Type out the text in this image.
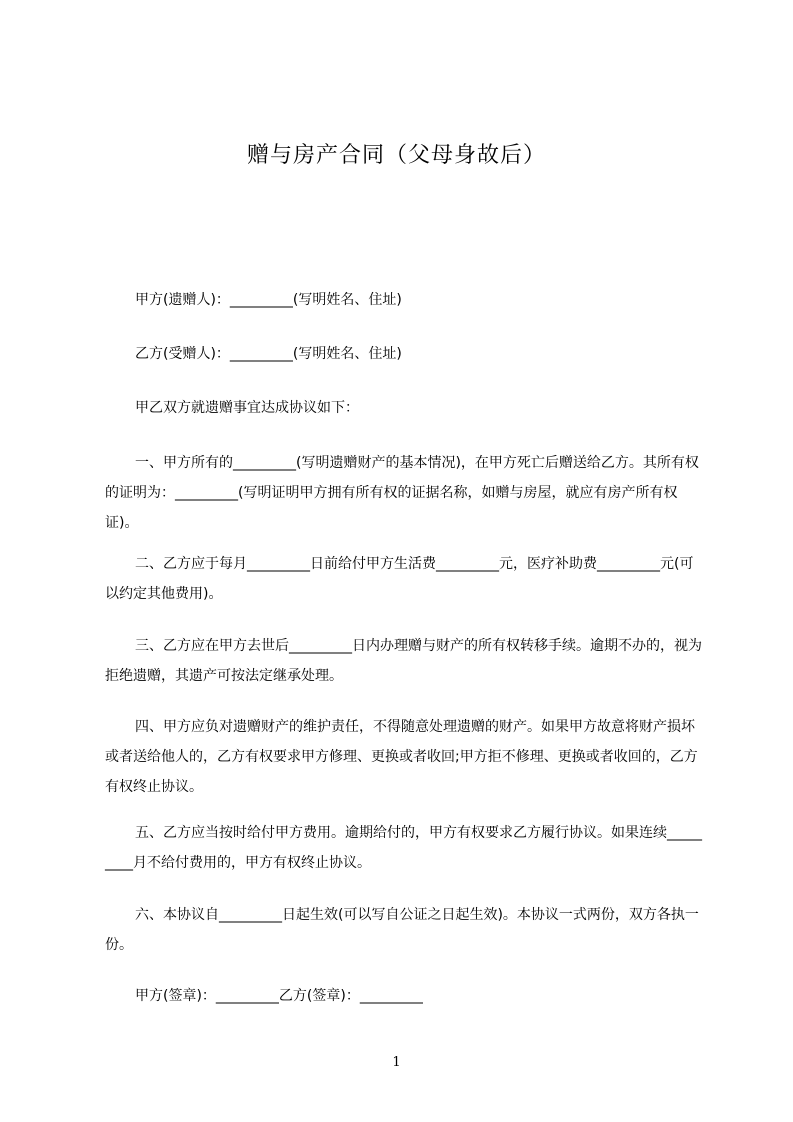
赠与房产合同（父母身故后）

甲方(遗赠人)：_________(写明姓名、住址)

乙方(受赠人)：_________(写明姓名、住址)

甲乙双方就遗赠事宜达成协议如下：

一、甲方所有的_________(写明遗赠财产的基本情况)，在甲方死亡后赠送给乙方。其所有权的证明为：_________(写明证明甲方拥有所有权的证据名称，如赠与房屋，就应有房产所有权证)。

二、乙方应于每月_________日前给付甲方生活费_________元，医疗补助费_________元(可以约定其他费用)。

三、乙方应在甲方去世后_________日内办理赠与财产的所有权转移手续。逾期不办的，视为拒绝遗赠，其遗产可按法定继承处理。

四、甲方应负对遗赠财产的维护责任，不得随意处理遗赠的财产。如果甲方故意将财产损坏或者送给他人的，乙方有权要求甲方修理、更换或者收回;甲方拒不修理、更换或者收回的，乙方有权终止协议。

五、乙方应当按时给付甲方费用。逾期给付的，甲方有权要求乙方履行协议。如果连续_________月不给付费用的，甲方有权终止协议。

六、本协议自_________日起生效(可以写自公证之日起生效)。本协议一式两份，双方各执一份。

甲方(签章)：_________乙方(签章)：_________

1
